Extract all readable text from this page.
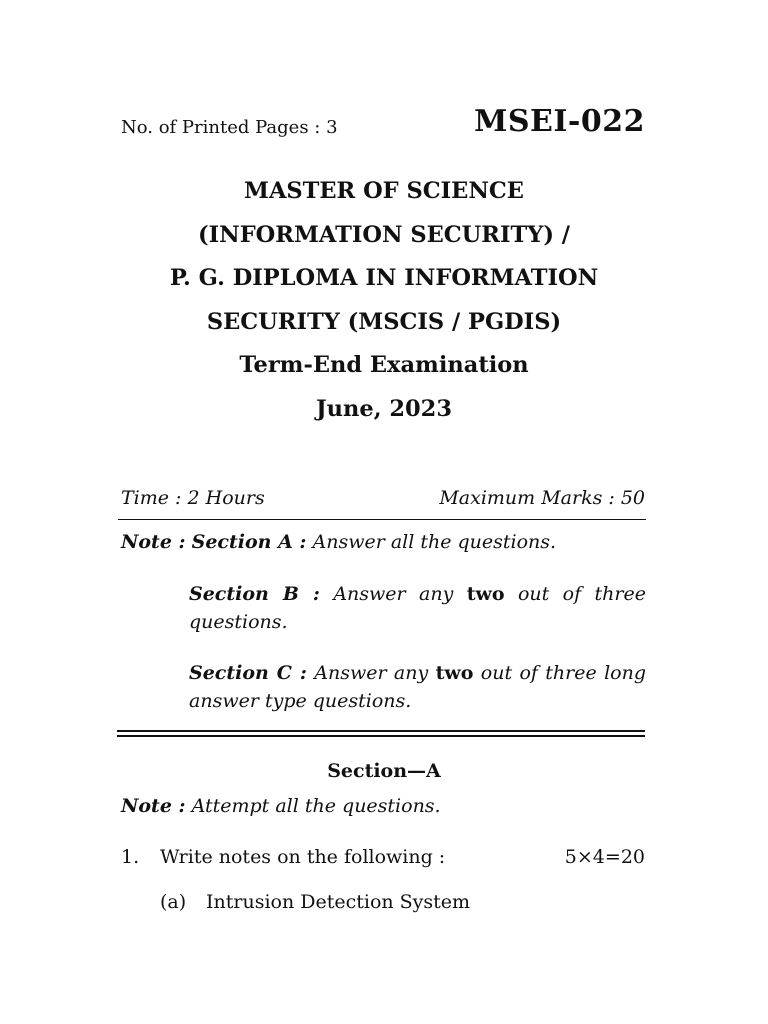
No. of Printed Pages : 3	MSEI-022
MASTER OF SCIENCE
(INFORMATION SECURITY) /
P. G. DIPLOMA IN INFORMATION
SECURITY (MSCIS / PGDIS)
Term-End Examination
June, 2023
Time : 2 Hours	Maximum Marks : 50
Note : Section A : Answer all the questions.
Section B : Answer any two out of three questions.
Section C : Answer any two out of three long answer type questions.
Section—A
Note : Attempt all the questions.
1. Write notes on the following :	5×4=20
(a) Intrusion Detection System
